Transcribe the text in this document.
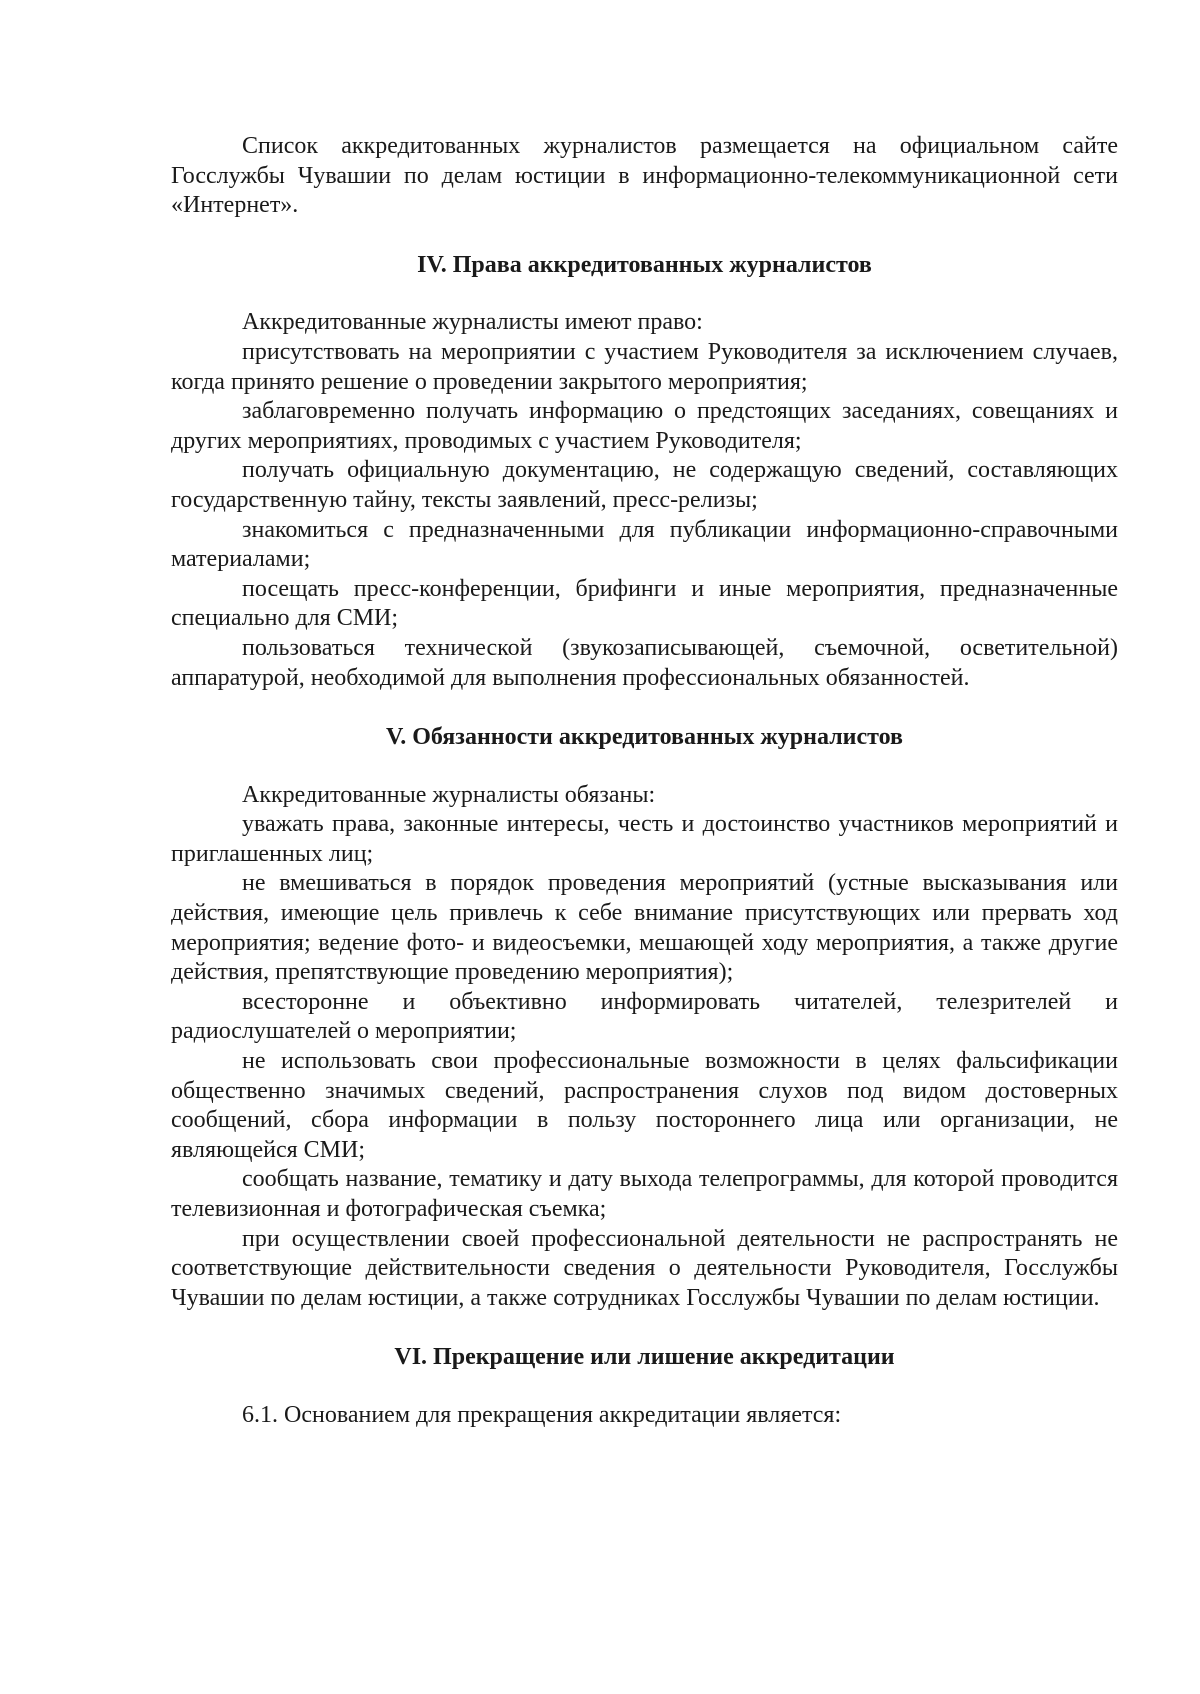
Список аккредитованных журналистов размещается на официальном сайте Госслужбы Чувашии по делам юстиции в информационно-телекоммуникационной сети «Интернет».

IV. Права аккредитованных журналистов

Аккредитованные журналисты имеют право:

присутствовать на мероприятии с участием Руководителя за исключением случаев, когда принято решение о проведении закрытого мероприятия;

заблаговременно получать информацию о предстоящих заседаниях, совещаниях и других мероприятиях, проводимых с участием Руководителя;

получать официальную документацию, не содержащую сведений, составляющих государственную тайну, тексты заявлений, пресс-релизы;

знакомиться с предназначенными для публикации информационно-справочными материалами;

посещать пресс-конференции, брифинги и иные мероприятия, предназначенные специально для СМИ;

пользоваться технической (звукозаписывающей, съемочной, осветительной) аппаратурой, необходимой для выполнения профессиональных обязанностей.

V. Обязанности аккредитованных журналистов

Аккредитованные журналисты обязаны:

уважать права, законные интересы, честь и достоинство участников мероприятий и приглашенных лиц;

не вмешиваться в порядок проведения мероприятий (устные высказывания или действия, имеющие цель привлечь к себе внимание присутствующих или прервать ход мероприятия; ведение фото- и видеосъемки, мешающей ходу мероприятия, а также другие действия, препятствующие проведению мероприятия);

всесторонне и объективно информировать читателей, телезрителей и радиослушателей о мероприятии;

не использовать свои профессиональные возможности в целях фальсификации общественно значимых сведений, распространения слухов под видом достоверных сообщений, сбора информации в пользу постороннего лица или организации, не являющейся СМИ;

сообщать название, тематику и дату выхода телепрограммы, для которой проводится телевизионная и фотографическая съемка;

при осуществлении своей профессиональной деятельности не распространять не соответствующие действительности сведения о деятельности Руководителя, Госслужбы Чувашии по делам юстиции, а также сотрудниках Госслужбы Чувашии по делам юстиции.

VI. Прекращение или лишение аккредитации

6.1. Основанием для прекращения аккредитации является:
